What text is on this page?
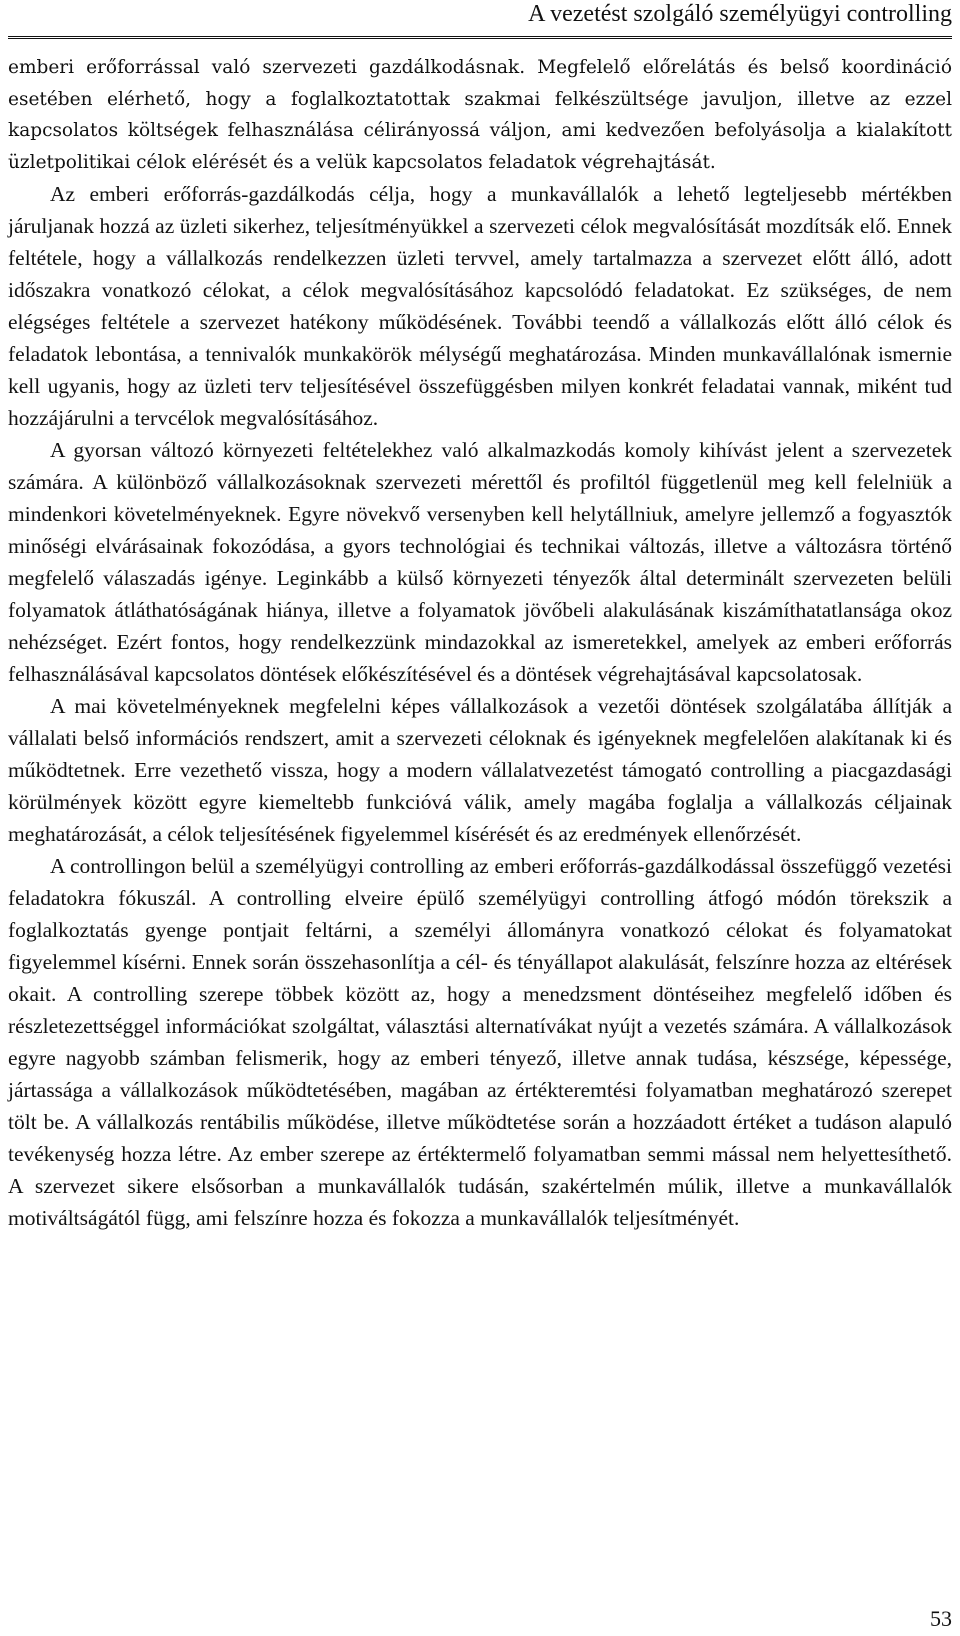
A vezetést szolgáló személyügyi controlling

emberi erőforrással való szervezeti gazdálkodásnak. Megfelelő előrelátás és belső koordináció esetében elérhető, hogy a foglalkoztatottak szakmai felkészültsége javuljon, illetve az ezzel kapcsolatos költségek felhasználása célirányossá váljon, ami kedvezően befolyásolja a kialakított üzletpolitikai célok elérését és a velük kapcsolatos feladatok végrehajtását.

Az emberi erőforrás-gazdálkodás célja, hogy a munkavállalók a lehető legteljesebb mértékben járuljanak hozzá az üzleti sikerhez, teljesítményükkel a szervezeti célok megvalósítását mozdítsák elő. Ennek feltétele, hogy a vállalkozás rendelkezzen üzleti tervvel, amely tartalmazza a szervezet előtt álló, adott időszakra vonatkozó célokat, a célok megvalósításához kapcsolódó feladatokat. Ez szükséges, de nem elégséges feltétele a szervezet hatékony működésének. További teendő a vállalkozás előtt álló célok és feladatok lebontása, a tennivalók munkakörök mélységű meghatározása. Minden munkavállalónak ismernie kell ugyanis, hogy az üzleti terv teljesítésével összefüggésben milyen konkrét feladatai vannak, miként tud hozzájárulni a tervcélok megvalósításához.

A gyorsan változó környezeti feltételekhez való alkalmazkodás komoly kihívást jelent a szervezetek számára. A különböző vállalkozásoknak szervezeti mérettől és profiltól függetlenül meg kell felelniük a mindenkori követelményeknek. Egyre növekvő versenyben kell helytállniuk, amelyre jellemző a fogyasztók minőségi elvárásainak fokozódása, a gyors technológiai és technikai változás, illetve a változásra történő megfelelő válaszadás igénye. Leginkább a külső környezeti tényezők által determinált szervezeten belüli folyamatok átláthatóságának hiánya, illetve a folyamatok jövőbeli alakulásának kiszámíthatatlansága okoz nehézséget. Ezért fontos, hogy rendelkezzünk mindazokkal az ismeretekkel, amelyek az emberi erőforrás felhasználásával kapcsolatos döntések előkészítésével és a döntések végrehajtásával kapcsolatosak.

A mai követelményeknek megfelelni képes vállalkozások a vezetői döntések szolgálatába állítják a vállalati belső információs rendszert, amit a szervezeti céloknak és igényeknek megfelelően alakítanak ki és működtetnek. Erre vezethető vissza, hogy a modern vállalatvezetést támogató controlling a piacgazdasági körülmények között egyre kiemeltebb funkcióvá válik, amely magába foglalja a vállalkozás céljainak meghatározását, a célok teljesítésének figyelemmel kísérését és az eredmények ellenőrzését.

A controllingon belül a személyügyi controlling az emberi erőforrás-gazdálkodással összefüggő vezetési feladatokra fókuszál. A controlling elveire épülő személyügyi controlling átfogó módón törekszik a foglalkoztatás gyenge pontjait feltárni, a személyi állományra vonatkozó célokat és folyamatokat figyelemmel kísérni. Ennek során összehasonlítja a cél- és tényállapot alakulását, felszínre hozza az eltérések okait. A controlling szerepe többek között az, hogy a menedzsment döntéseihez megfelelő időben és részletezettséggel információkat szolgáltat, választási alternatívákat nyújt a vezetés számára. A vállalkozások egyre nagyobb számban felismerik, hogy az emberi tényező, illetve annak tudása, készsége, képessége, jártassága a vállalkozások működtetésében, magában az értékteremtési folyamatban meghatározó szerepet tölt be. A vállalkozás rentábilis működése, illetve működtetése során a hozzáadott értéket a tudáson alapuló tevékenység hozza létre. Az ember szerepe az értéktermelő folyamatban semmi mással nem helyettesíthető. A szervezet sikere elsősorban a munkavállalók tudásán, szakértelmén múlik, illetve a munkavállalók motiváltságától függ, ami felszínre hozza és fokozza a munkavállalók teljesítményét.

53
